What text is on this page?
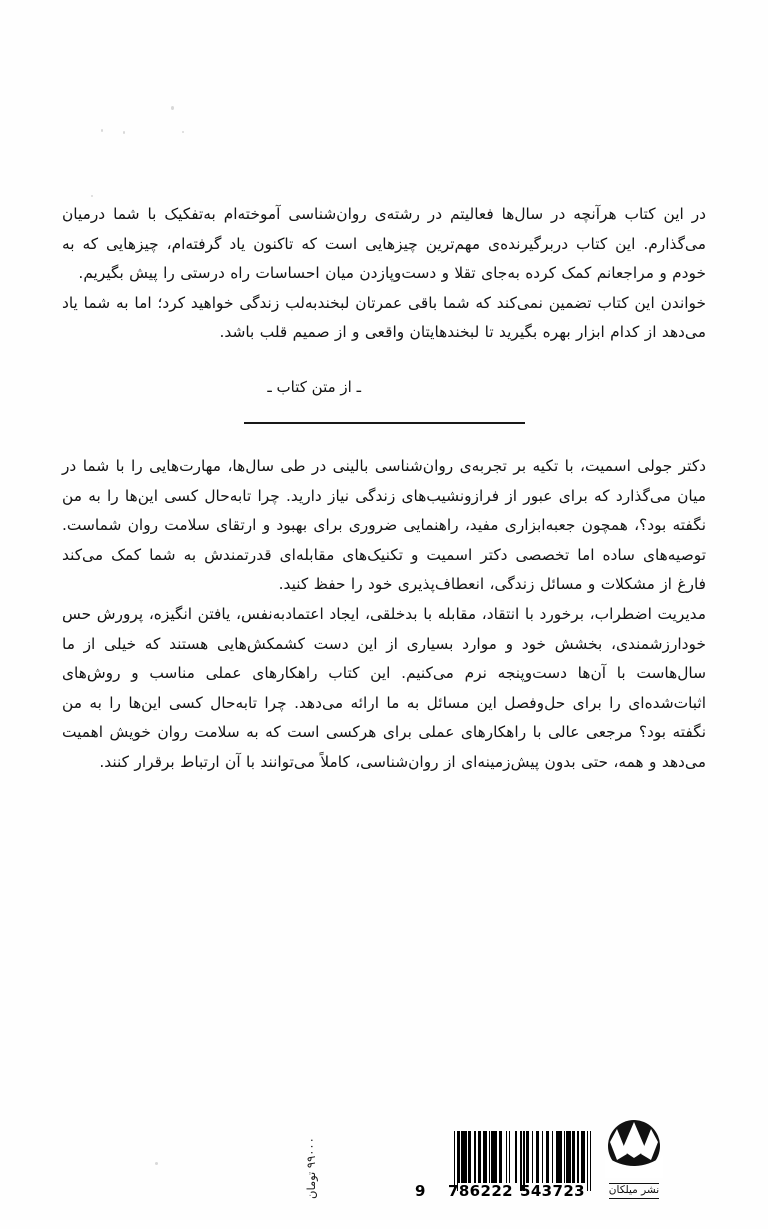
در این کتاب هرآنچه در سال‌ها فعالیتم در رشته‌ی روان‌شناسی آموخته‌ام به‌تفکیک با شما درمیان می‌گذارم. این کتاب دربرگیرنده‌ی مهم‌ترین چیزهایی است که تاکنون یاد گرفته‌ام، چیزهایی که به خودم و مراجعانم کمک کرده به‌جای تقلا و دست‌وپازدن میان احساسات راه درستی را پیش بگیریم.

خواندن این کتاب تضمین نمی‌کند که شما باقی عمرتان لبخندبه‌لب زندگی خواهید کرد؛ اما به شما یاد می‌دهد از کدام ابزار بهره بگیرید تا لبخندهایتان واقعی و از صمیم قلب باشد.

ـ از متن کتاب ـ

دکتر جولی اسمیت، با تکیه بر تجربه‌ی روان‌شناسی بالینی در طی سال‌ها، مهارت‌هایی را با شما در میان می‌گذارد که برای عبور از فرازونشیب‌های زندگی نیاز دارید. چرا تابه‌حال کسی این‌ها را به من نگفته بود؟، همچون جعبه‌ابزاری مفید، راهنمایی ضروری برای بهبود و ارتقای سلامت روان شماست. توصیه‌های ساده اما تخصصی دکتر اسمیت و تکنیک‌های مقابله‌ای قدرتمندش به شما کمک می‌کند فارغ از مشکلات و مسائل زندگی، انعطاف‌پذیری خود را حفظ کنید.

مدیریت اضطراب، برخورد با انتقاد، مقابله با بدخلقی، ایجاد اعتمادبه‌نفس، یافتن انگیزه، پرورش حس خودارزشمندی، بخشش خود و موارد بسیاری از این دست کشمکش‌هایی هستند که خیلی از ما سال‌هاست با آن‌ها دست‌وپنجه نرم می‌کنیم. این کتاب راهکارهای عملی مناسب و روش‌های اثبات‌شده‌ای را برای حل‌وفصل این مسائل به ما ارائه می‌دهد. چرا تابه‌حال کسی این‌ها را به من نگفته بود؟ مرجعی عالی با راهکارهای عملی برای هرکسی است که به سلامت روان خویش اهمیت می‌دهد و همه، حتی بدون پیش‌زمینه‌ای از روان‌شناسی، کاملاً می‌توانند با آن ارتباط برقرار کنند.

۹۹۰۰۰ تومان
9 786222 543723	نشر میلکان
